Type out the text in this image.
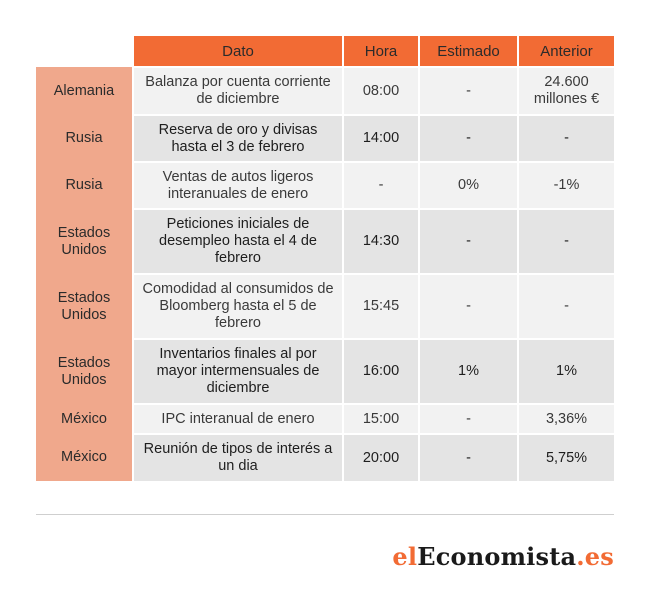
	Dato	Hora	Estimado	Anterior
Alemania	Balanza por cuenta corriente de diciembre	08:00	-	24.600 millones €
Rusia	Reserva de oro y divisas hasta el 3 de febrero	14:00	-	-
Rusia	Ventas de autos ligeros interanuales de enero	-	0%	-1%
Estados Unidos	Peticiones iniciales de desempleo hasta el 4 de febrero	14:30	-	-
Estados Unidos	Comodidad al consumidos de Bloomberg hasta el 5 de febrero	15:45	-	-
Estados Unidos	Inventarios finales al por mayor intermensuales de diciembre	16:00	1%	1%
México	IPC interanual de enero	15:00	-	3,36%
México	Reunión de tipos de interés a un dia	20:00	-	5,75%
elEconomista.es
